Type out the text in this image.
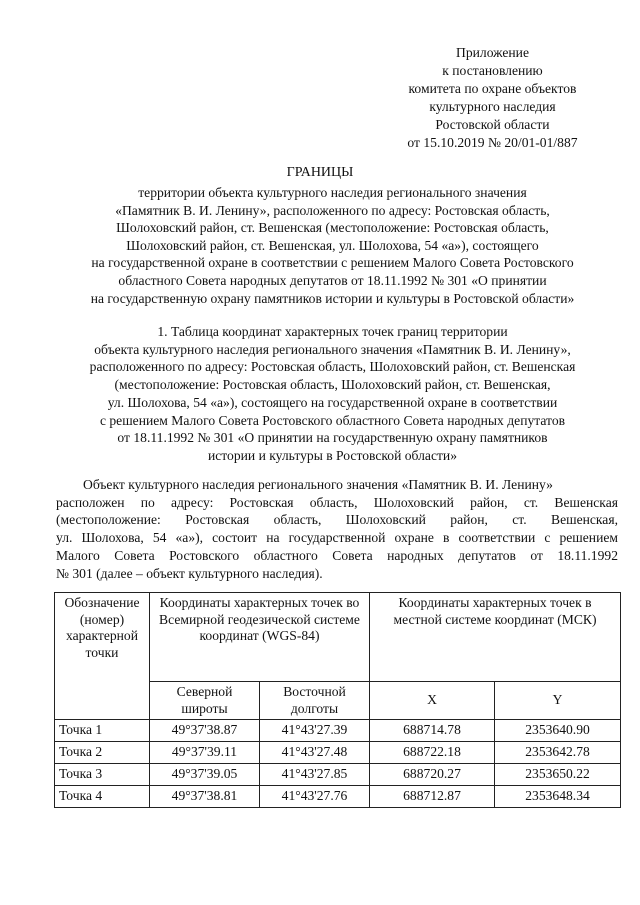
Приложение
к постановлению
комитета по охране объектов
культурного наследия
Ростовской области
от 15.10.2019 № 20/01-01/887
ГРАНИЦЫ
территории объекта культурного наследия регионального значения
«Памятник В. И. Ленину», расположенного по адресу: Ростовская область,
Шолоховский район, ст. Вешенская (местоположение: Ростовская область,
Шолоховский район, ст. Вешенская, ул. Шолохова, 54 «а»), состоящего
на государственной охране в соответствии с решением Малого Совета Ростовского
областного Совета народных депутатов от 18.11.1992 № 301 «О принятии
на государственную охрану памятников истории и культуры в Ростовской области»
1. Таблица координат характерных точек границ территории
объекта культурного наследия регионального значения «Памятник В. И. Ленину»,
расположенного по адресу: Ростовская область, Шолоховский район, ст. Вешенская
(местоположение: Ростовская область, Шолоховский район, ст. Вешенская,
ул. Шолохова, 54 «а»), состоящего на государственной охране в соответствии
с решением Малого Совета Ростовского областного Совета народных депутатов
от 18.11.1992 № 301 «О принятии на государственную охрану памятников
истории и культуры в Ростовской области»
Объект культурного наследия регионального значения «Памятник В. И. Ленину»
расположен по адресу: Ростовская область, Шолоховский район, ст. Вешенская
(местоположение: Ростовская область, Шолоховский район, ст. Вешенская,
ул. Шолохова, 54 «а»), состоит на государственной охране в соответствии с решением
Малого Совета Ростовского областного Совета народных депутатов от 18.11.1992
№ 301 (далее – объект культурного наследия).
Обозначение (номер) характерной точки	Координаты характерных точек во Всемирной геодезической системе координат (WGS-84)		Координаты характерных точек в местной системе координат (МСК)	
	Северной широты	Восточной долготы	X	Y
Точка 1	49°37'38.87	41°43'27.39	688714.78	2353640.90
Точка 2	49°37'39.11	41°43'27.48	688722.18	2353642.78
Точка 3	49°37'39.05	41°43'27.85	688720.27	2353650.22
Точка 4	49°37'38.81	41°43'27.76	688712.87	2353648.34
